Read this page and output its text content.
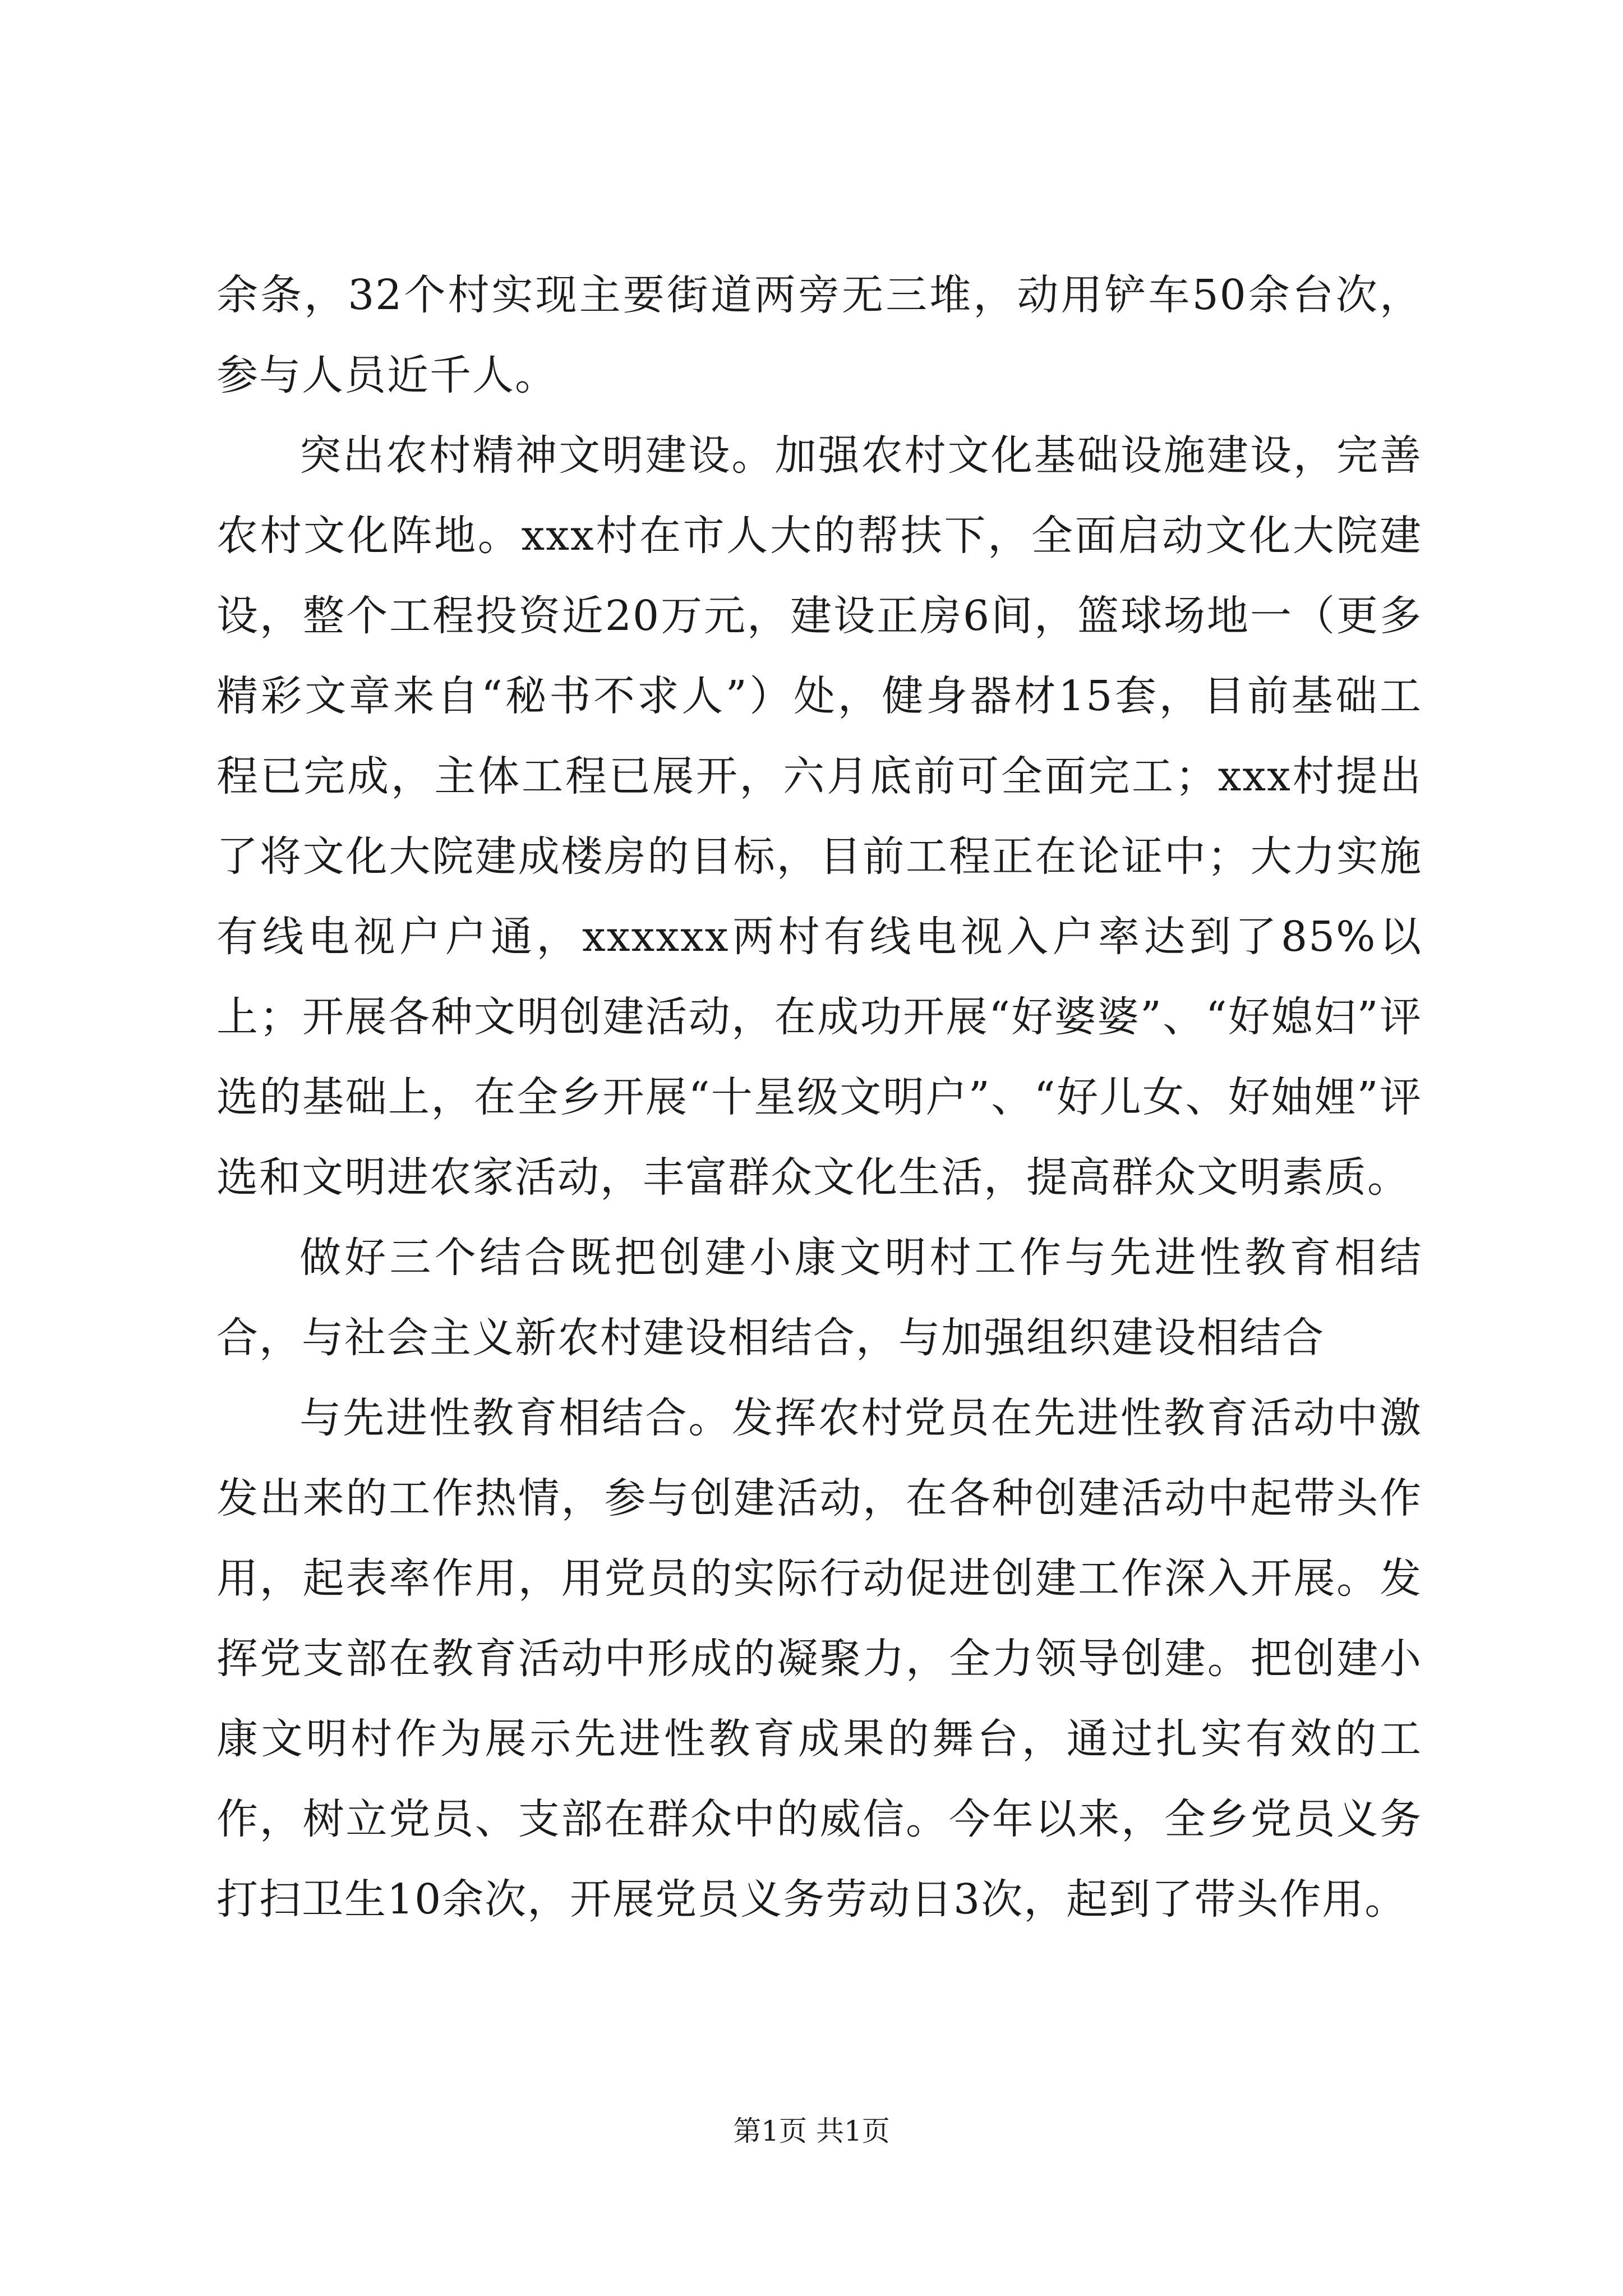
余条，32个村实现主要街道两旁无三堆，动用铲车50余台次，参与人员近千人。

突出农村精神文明建设。加强农村文化基础设施建设，完善农村文化阵地。xxx村在市人大的帮扶下，全面启动文化大院建设，整个工程投资近20万元，建设正房6间，篮球场地一（更多精彩文章来自“秘书不求人”）处，健身器材15套，目前基础工程已完成，主体工程已展开，六月底前可全面完工；xxx村提出了将文化大院建成楼房的目标，目前工程正在论证中；大力实施有线电视户户通，xxxxxx两村有线电视入户率达到了85%以上；开展各种文明创建活动，在成功开展“好婆婆”、“好媳妇”评选的基础上，在全乡开展“十星级文明户”、“好儿女、好妯娌”评选和文明进农家活动，丰富群众文化生活，提高群众文明素质。

做好三个结合既把创建小康文明村工作与先进性教育相结合，与社会主义新农村建设相结合，与加强组织建设相结合

与先进性教育相结合。发挥农村党员在先进性教育活动中激发出来的工作热情，参与创建活动，在各种创建活动中起带头作用，起表率作用，用党员的实际行动促进创建工作深入开展。发挥党支部在教育活动中形成的凝聚力，全力领导创建。把创建小康文明村作为展示先进性教育成果的舞台，通过扎实有效的工作，树立党员、支部在群众中的威信。今年以来，全乡党员义务打扫卫生10余次，开展党员义务劳动日3次，起到了带头作用。

第1页 共1页
